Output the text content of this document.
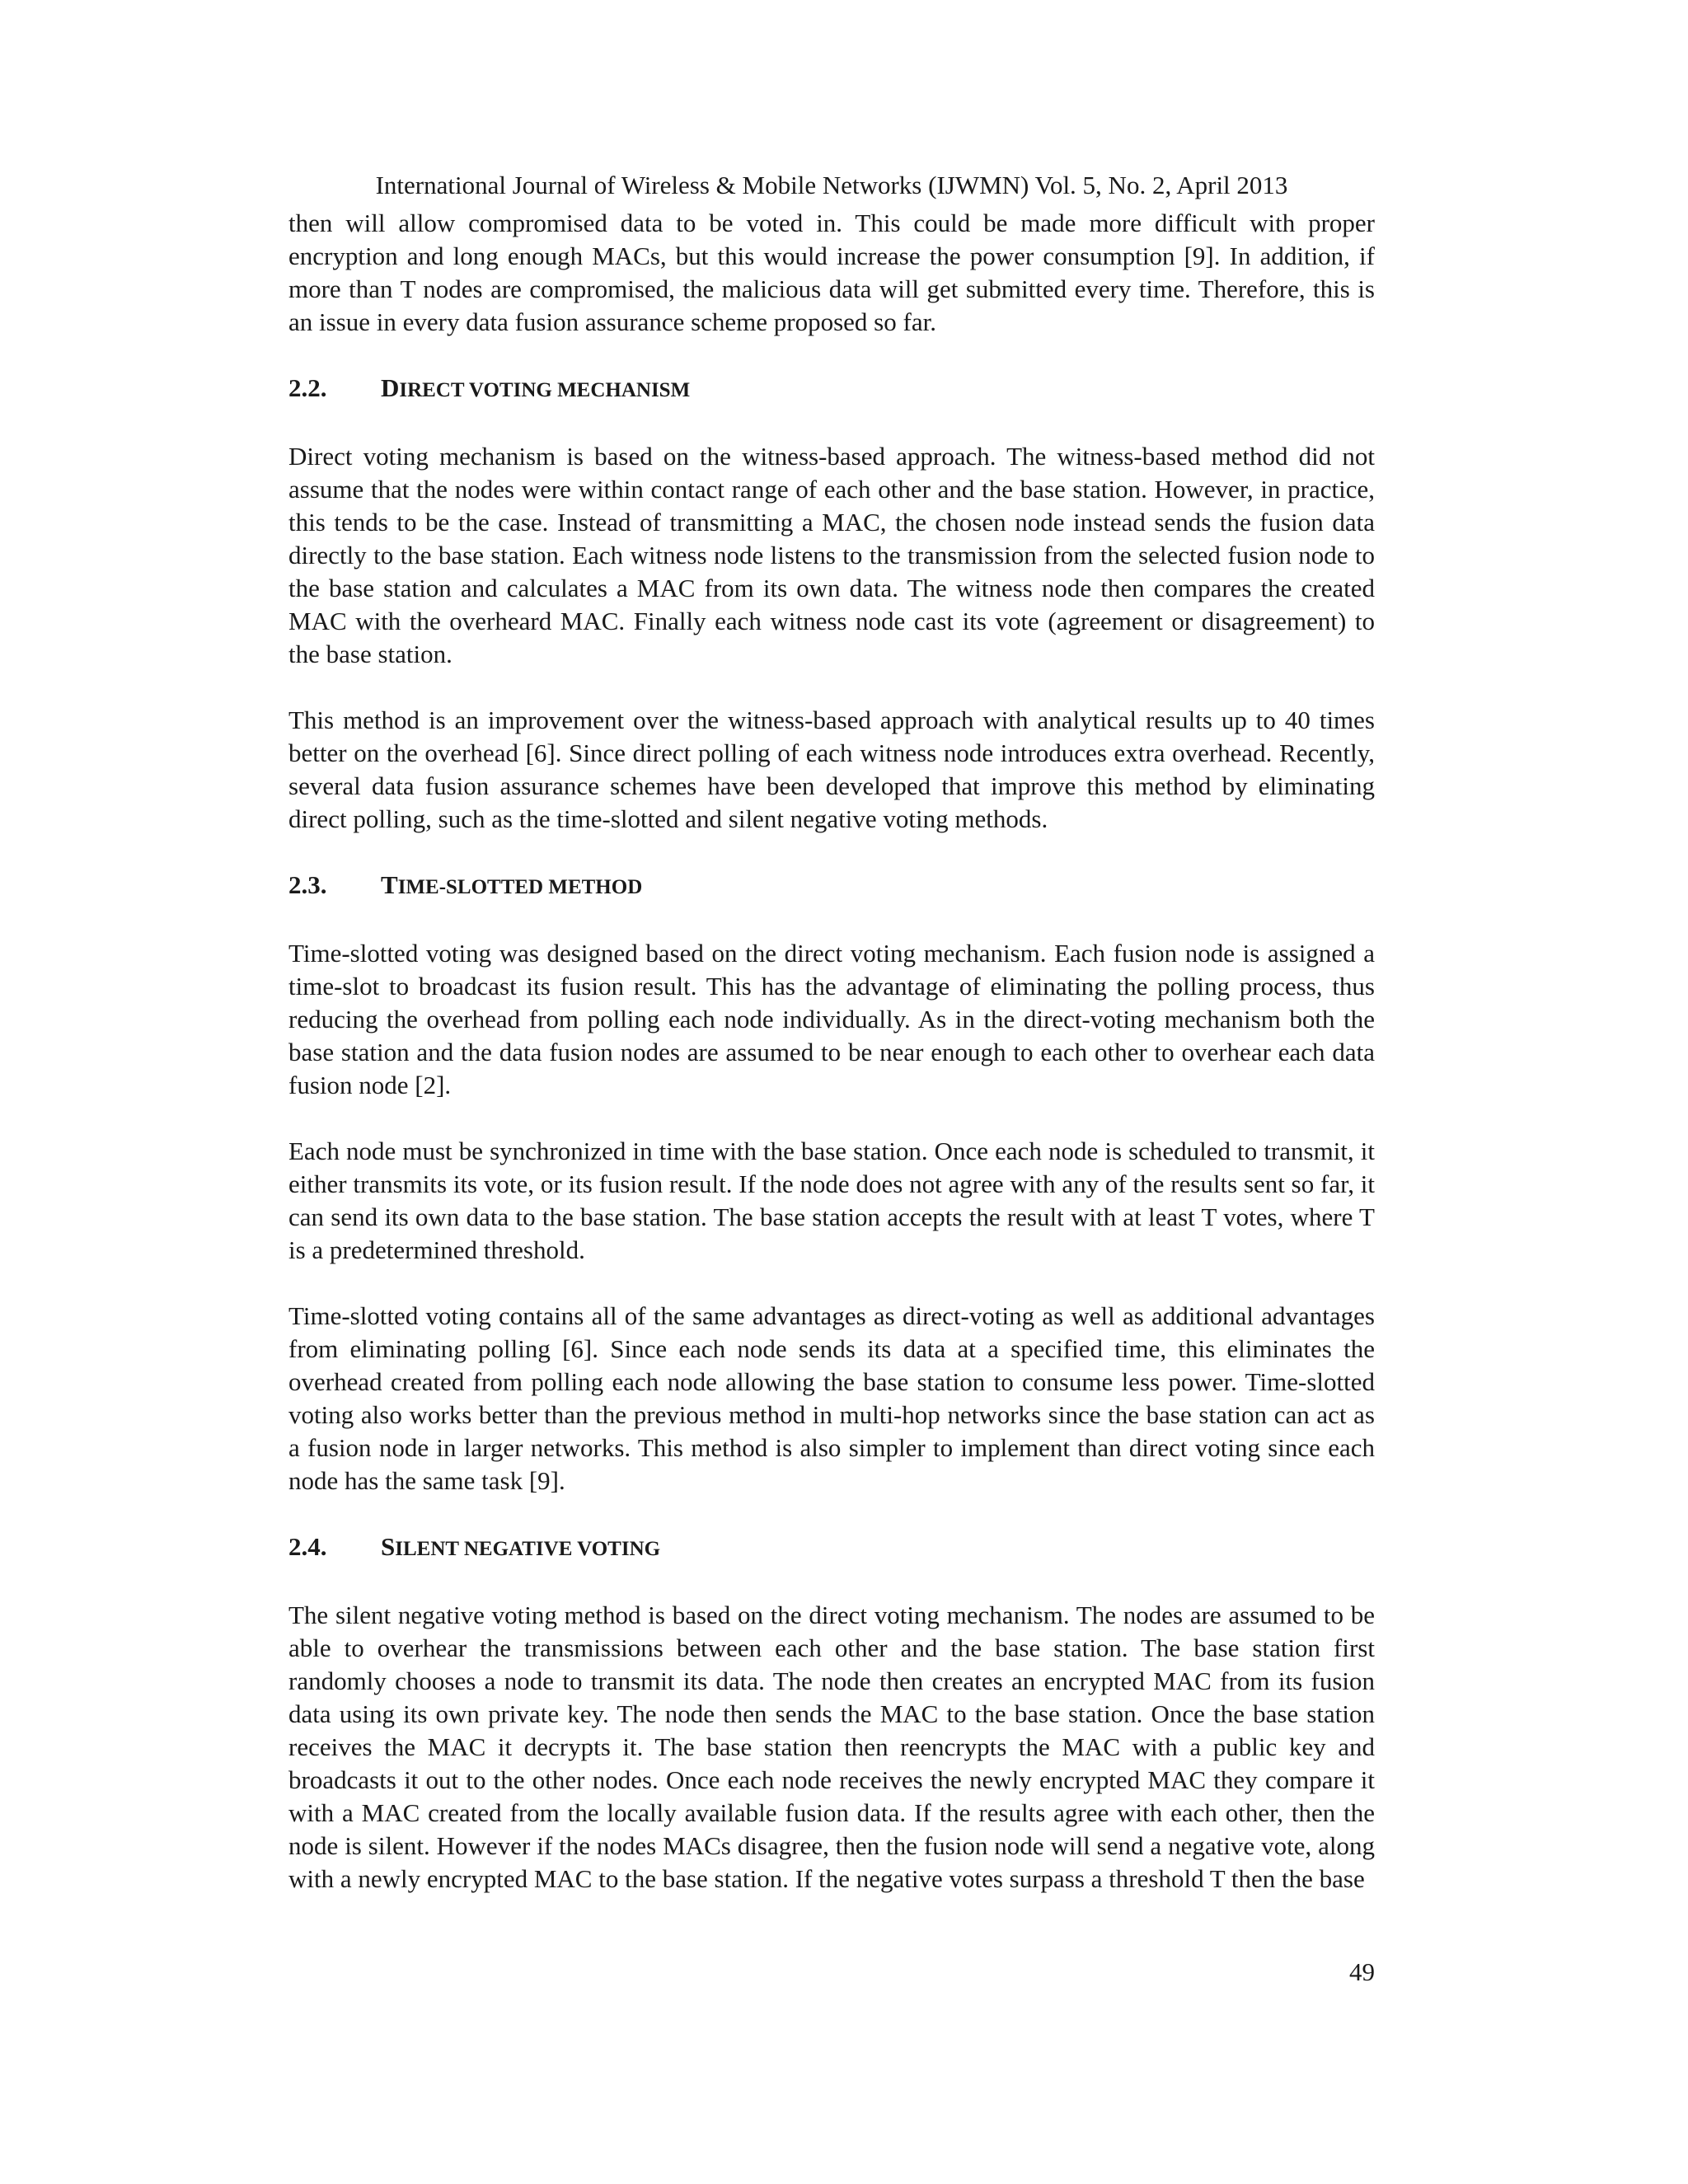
International Journal of Wireless & Mobile Networks (IJWMN) Vol. 5, No. 2, April 2013

then will allow compromised data to be voted in. This could be made more difficult with proper encryption and long enough MACs, but this would increase the power consumption [9]. In addition, if more than T nodes are compromised, the malicious data will get submitted every time. Therefore, this is an issue in every data fusion assurance scheme proposed so far.

2.2.	DIRECT VOTING MECHANISM

Direct voting mechanism is based on the witness-based approach. The witness-based method did not assume that the nodes were within contact range of each other and the base station. However, in practice, this tends to be the case. Instead of transmitting a MAC, the chosen node instead sends the fusion data directly to the base station. Each witness node listens to the transmission from the selected fusion node to the base station and calculates a MAC from its own data. The witness node then compares the created MAC with the overheard MAC. Finally each witness node cast its vote (agreement or disagreement) to the base station.

This method is an improvement over the witness-based approach with analytical results up to 40 times better on the overhead [6]. Since direct polling of each witness node introduces extra overhead. Recently, several data fusion assurance schemes have been developed that improve this method by eliminating direct polling, such as the time-slotted and silent negative voting methods.

2.3.	TIME-SLOTTED METHOD

Time-slotted voting was designed based on the direct voting mechanism. Each fusion node is assigned a time-slot to broadcast its fusion result. This has the advantage of eliminating the polling process, thus reducing the overhead from polling each node individually. As in the direct-voting mechanism both the base station and the data fusion nodes are assumed to be near enough to each other to overhear each data fusion node [2].

Each node must be synchronized in time with the base station. Once each node is scheduled to transmit, it either transmits its vote, or its fusion result. If the node does not agree with any of the results sent so far, it can send its own data to the base station. The base station accepts the result with at least T votes, where T is a predetermined threshold.

Time-slotted voting contains all of the same advantages as direct-voting as well as additional advantages from eliminating polling [6]. Since each node sends its data at a specified time, this eliminates the overhead created from polling each node allowing the base station to consume less power. Time-slotted voting also works better than the previous method in multi-hop networks since the base station can act as a fusion node in larger networks. This method is also simpler to implement than direct voting since each node has the same task [9].

2.4.	SILENT NEGATIVE VOTING

The silent negative voting method is based on the direct voting mechanism. The nodes are assumed to be able to overhear the transmissions between each other and the base station. The base station first randomly chooses a node to transmit its data. The node then creates an encrypted MAC from its fusion data using its own private key. The node then sends the MAC to the base station. Once the base station receives the MAC it decrypts it. The base station then reencrypts the MAC with a public key and broadcasts it out to the other nodes. Once each node receives the newly encrypted MAC they compare it with a MAC created from the locally available fusion data. If the results agree with each other, then the node is silent. However if the nodes MACs disagree, then the fusion node will send a negative vote, along with a newly encrypted MAC to the base station. If the negative votes surpass a threshold T then the base

49
